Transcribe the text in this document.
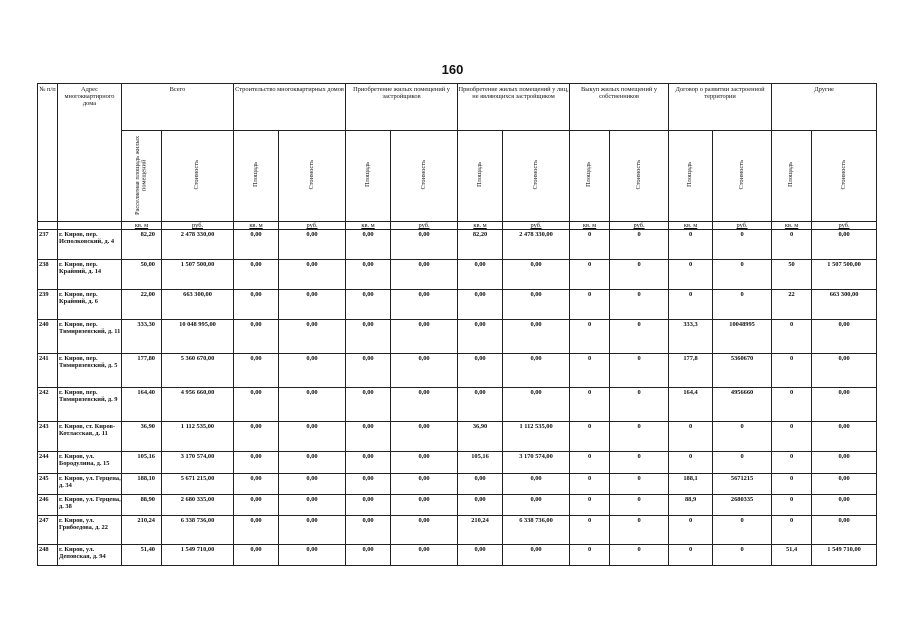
160
№ п/п	Адрес многоквартирного дома	Всего		Строительство многоквартирных домов		Приобретение жилых помещений у застройщиков		Приобретение жилых помещений у лиц, не являющихся застройщиком		Выкуп жилых помещений у собственников		Договор о развитии застроенной территории		Другие	
		Расселяемая площадь жилых помещений	Стоимость	Площадь	Стоимость	Площадь	Стоимость	Площадь	Стоимость	Площадь	Стоимость	Площадь	Стоимость	Площадь	Стоимость
		кв. м	руб.	кв. м	руб.	кв. м	руб.	кв. м	руб.	кв. м	руб.	кв. м	руб.	кв. м	руб.
237	г. Киров, пер. Исполковский, д. 4	82,20	2 478 330,00	0,00	0,00	0,00	0,00	82,20	2 478 330,00	0	0	0	0	0	0,00
238	г. Киров, пер. Крайний, д. 14	50,00	1 507 500,00	0,00	0,00	0,00	0,00	0,00	0,00	0	0	0	0	50	1 507 500,00
239	г. Киров, пер. Крайний, д. 6	22,00	663 300,00	0,00	0,00	0,00	0,00	0,00	0,00	0	0	0	0	22	663 300,00
240	г. Киров, пер. Тимирязевский, д. 11	333,30	10 048 995,00	0,00	0,00	0,00	0,00	0,00	0,00	0	0	333,3	10048995	0	0,00
241	г. Киров, пер. Тимирязевский, д. 5	177,80	5 360 670,00	0,00	0,00	0,00	0,00	0,00	0,00	0	0	177,8	5360670	0	0,00
242	г. Киров, пер. Тимирязевский, д. 9	164,40	4 956 660,00	0,00	0,00	0,00	0,00	0,00	0,00	0	0	164,4	4956660	0	0,00
243	г. Киров, ст. Киров-Котласская, д. 11	36,90	1 112 535,00	0,00	0,00	0,00	0,00	36,90	1 112 535,00	0	0	0	0	0	0,00
244	г. Киров, ул. Бородулина, д. 15	105,16	3 170 574,00	0,00	0,00	0,00	0,00	105,16	3 170 574,00	0	0	0	0	0	0,00
245	г. Киров, ул. Герцена, д. 34	188,10	5 671 215,00	0,00	0,00	0,00	0,00	0,00	0,00	0	0	188,1	5671215	0	0,00
246	г. Киров, ул. Герцена, д. 38	88,90	2 680 335,00	0,00	0,00	0,00	0,00	0,00	0,00	0	0	88,9	2680335	0	0,00
247	г. Киров, ул. Грибоедова, д. 22	210,24	6 338 736,00	0,00	0,00	0,00	0,00	210,24	6 338 736,00	0	0	0	0	0	0,00
248	г. Киров, ул. Деповская, д. 94	51,40	1 549 710,00	0,00	0,00	0,00	0,00	0,00	0,00	0	0	0	0	51,4	1 549 710,00
